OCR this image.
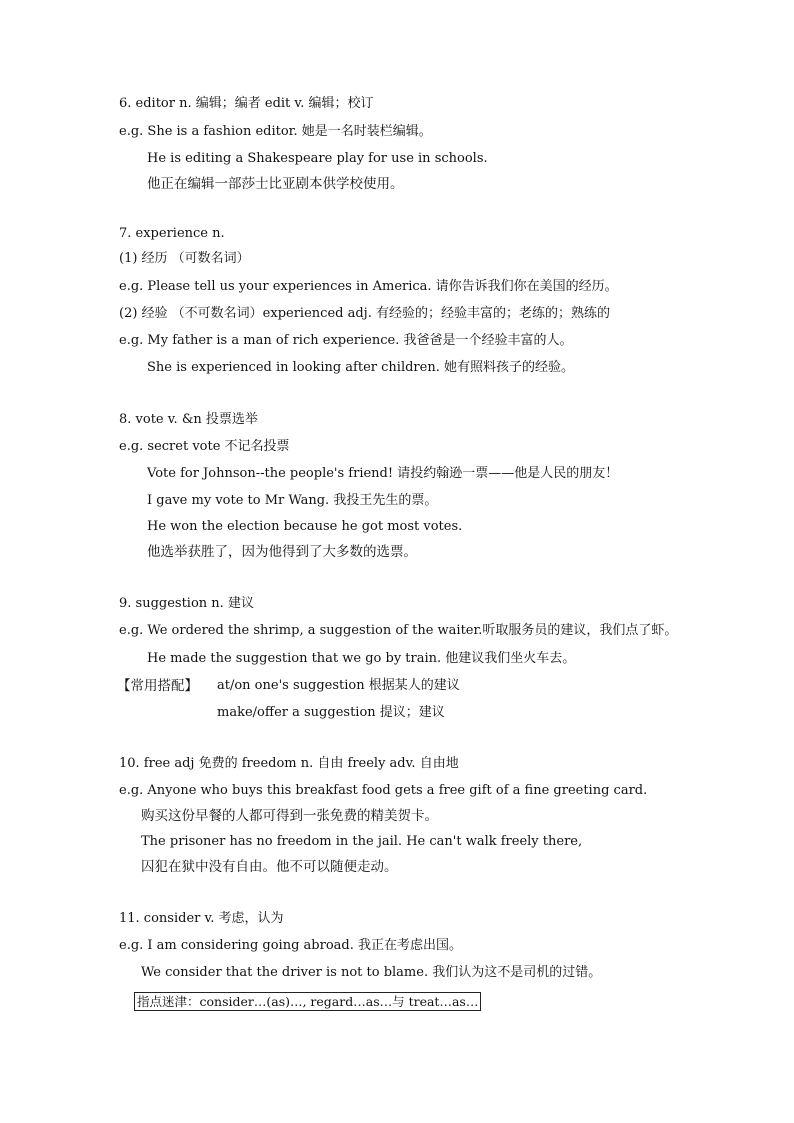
6. editor n. 编辑；编者 edit v. 编辑；校订
e.g. She is a fashion editor. 她是一名时装栏编辑。
He is editing a Shakespeare play for use in schools.
他正在编辑一部莎士比亚剧本供学校使用。
7. experience n.
(1) 经历 （可数名词）
e.g. Please tell us your experiences in America. 请你告诉我们你在美国的经历。
(2) 经验 （不可数名词）experienced adj. 有经验的；经验丰富的；老练的；熟练的
e.g. My father is a man of rich experience. 我爸爸是一个经验丰富的人。
She is experienced in looking after children. 她有照料孩子的经验。
8. vote v. &n 投票选举
e.g. secret vote 不记名投票
Vote for Johnson--the people's friend! 请投约翰逊一票——他是人民的朋友！
I gave my vote to Mr Wang. 我投王先生的票。
He won the election because he got most votes.
他选举获胜了，因为他得到了大多数的选票。
9. suggestion n. 建议
e.g. We ordered the shrimp, a suggestion of the waiter.听取服务员的建议，我们点了虾。
He made the suggestion that we go by train. 他建议我们坐火车去。
【常用搭配】 at/on one's suggestion 根据某人的建议
make/offer a suggestion 提议；建议
10. free adj 免费的 freedom n. 自由 freely adv. 自由地
e.g. Anyone who buys this breakfast food gets a free gift of a fine greeting card.
购买这份早餐的人都可得到一张免费的精美贺卡。
The prisoner has no freedom in the jail. He can't walk freely there,
囚犯在狱中没有自由。他不可以随便走动。
11. consider v. 考虑，认为
e.g. I am considering going abroad. 我正在考虑出国。
We consider that the driver is not to blame. 我们认为这不是司机的过错。
指点迷津：consider…(as)…, regard…as…与 treat…as…
